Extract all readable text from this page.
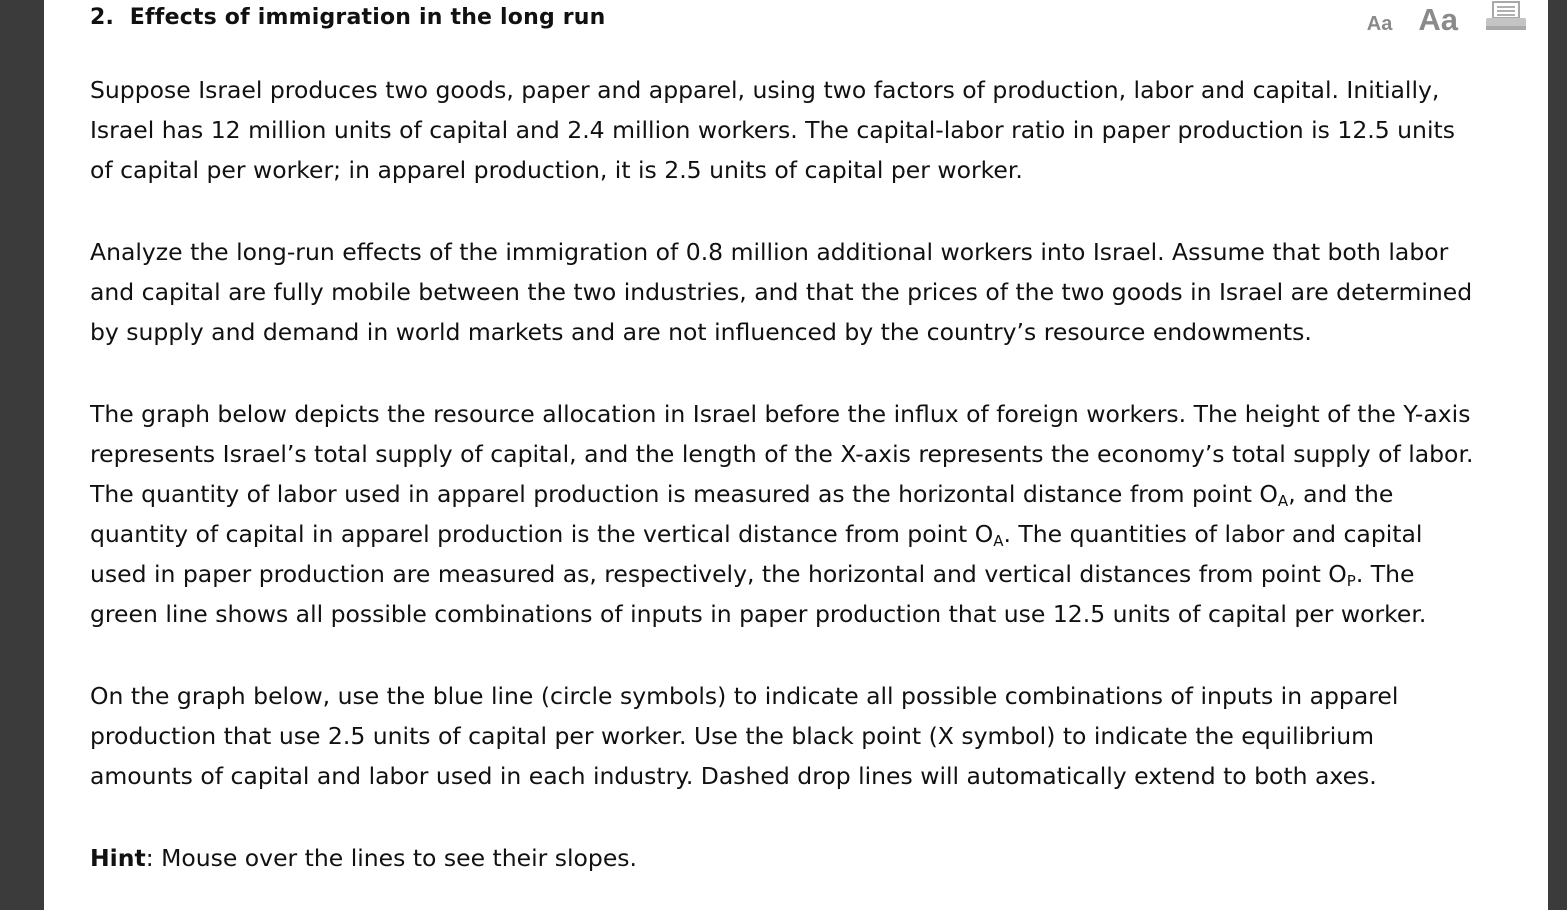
2. Effects of immigration in the long run	Aa Aa

Suppose Israel produces two goods, paper and apparel, using two factors of production, labor and capital. Initially,
Israel has 12 million units of capital and 2.4 million workers. The capital-labor ratio in paper production is 12.5 units
of capital per worker; in apparel production, it is 2.5 units of capital per worker.

Analyze the long-run effects of the immigration of 0.8 million additional workers into Israel. Assume that both labor
and capital are fully mobile between the two industries, and that the prices of the two goods in Israel are determined
by supply and demand in world markets and are not influenced by the country’s resource endowments.

The graph below depicts the resource allocation in Israel before the influx of foreign workers. The height of the Y-axis
represents Israel’s total supply of capital, and the length of the X-axis represents the economy’s total supply of labor.
The quantity of labor used in apparel production is measured as the horizontal distance from point $O_A$, and the
quantity of capital in apparel production is the vertical distance from point $O_A$. The quantities of labor and capital
used in paper production are measured as, respectively, the horizontal and vertical distances from point $O_P$. The
green line shows all possible combinations of inputs in paper production that use 12.5 units of capital per worker.

On the graph below, use the blue line (circle symbols) to indicate all possible combinations of inputs in apparel
production that use 2.5 units of capital per worker. Use the black point (X symbol) to indicate the equilibrium
amounts of capital and labor used in each industry. Dashed drop lines will automatically extend to both axes.

Hint: Mouse over the lines to see their slopes.
